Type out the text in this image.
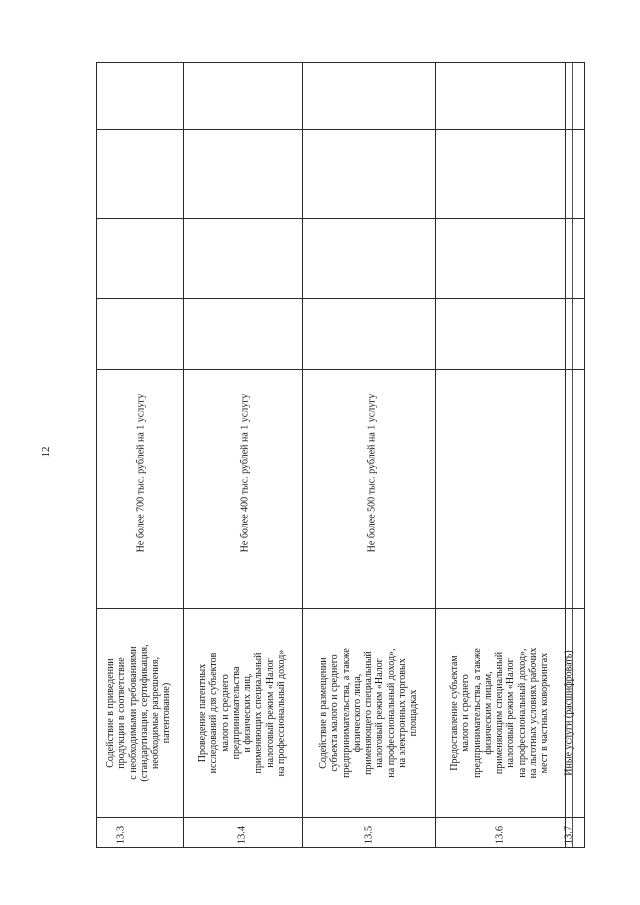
12
13.3
Содействие в приведении продукции в соответствие с необходимыми требованиями (стандартизация, сертификация, необходимые разрешения, патентование)
Не более 700 тыс. рублей на 1 услугу
13.4
Проведение патентных исследований для субъектов малого и среднего предпринимательства и физических лиц, применяющих специальный налоговый режим «Налог на профессиональный доход»
Не более 400 тыс. рублей на 1 услугу
13.5
Содействие в размещении субъекта малого и среднего предпринимательства, а также физического лица, применяющего специальный налоговый режим «Налог на профессиональный доход», на электронных торговых площадках
Не более 500 тыс. рублей на 1 услугу
13.6
Предоставление субъектам малого и среднего предпринимательства, а также физическим лицам, применяющим специальный налоговый режим «Налог на профессиональный доход», на льготных условиях рабочих мест в частных коворкингах
13.7
Иные услуги (расшифровать)
